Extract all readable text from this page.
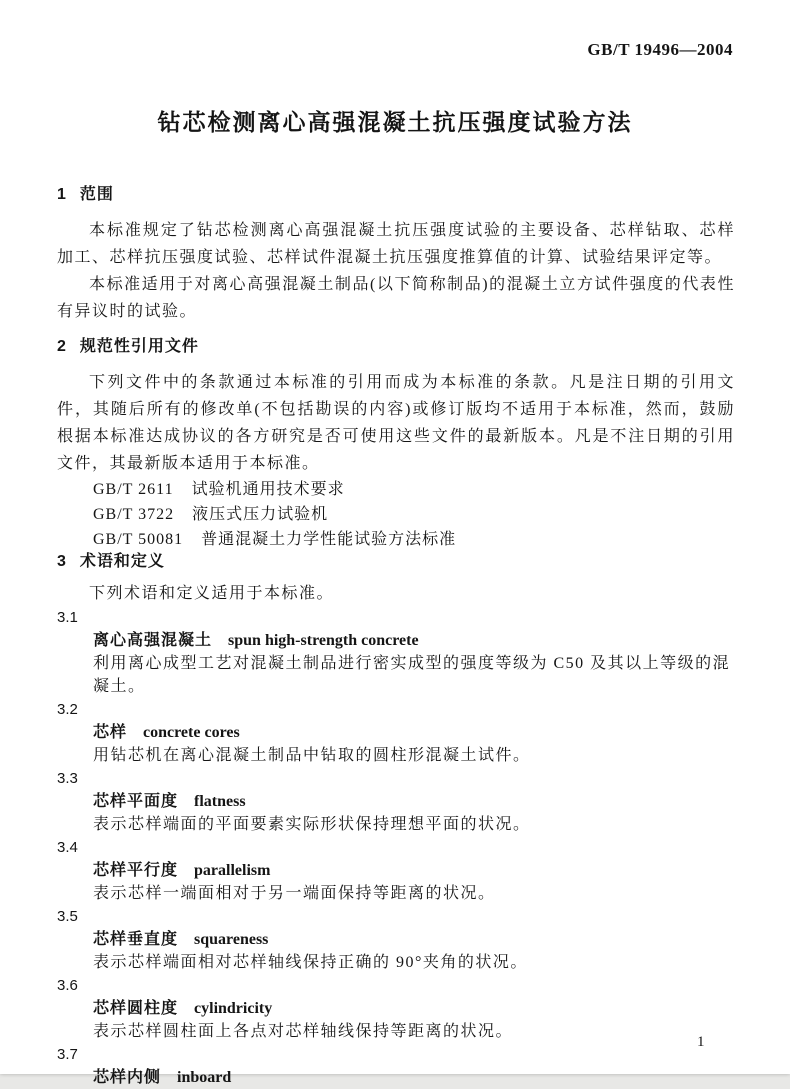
GB/T 19496—2004
钻芯检测离心高强混凝土抗压强度试验方法
1 范围

本标准规定了钻芯检测离心高强混凝土抗压强度试验的主要设备、芯样钻取、芯样加工、芯样抗压强度试验、芯样试件混凝土抗压强度推算值的计算、试验结果评定等。

本标准适用于对离心高强混凝土制品(以下简称制品)的混凝土立方试件强度的代表性有异议时的试验。

2 规范性引用文件

下列文件中的条款通过本标准的引用而成为本标准的条款。凡是注日期的引用文件，其随后所有的修改单(不包括勘误的内容)或修订版均不适用于本标准，然而，鼓励根据本标准达成协议的各方研究是否可使用这些文件的最新版本。凡是不注日期的引用文件，其最新版本适用于本标准。

GB/T 2611 试验机通用技术要求
GB/T 3722 液压式压力试验机
GB/T 50081 普通混凝土力学性能试验方法标准
3 术语和定义

下列术语和定义适用于本标准。

3.1
离心高强混凝土 spun high-strength concrete
利用离心成型工艺对混凝土制品进行密实成型的强度等级为 C50 及其以上等级的混凝土。
3.2
芯样 concrete cores
用钻芯机在离心混凝土制品中钻取的圆柱形混凝土试件。
3.3
芯样平面度 flatness
表示芯样端面的平面要素实际形状保持理想平面的状况。
3.4
芯样平行度 parallelism
表示芯样一端面相对于另一端面保持等距离的状况。
3.5
芯样垂直度 squareness
表示芯样端面相对芯样轴线保持正确的 90°夹角的状况。
3.6
芯样圆柱度 cylindricity
表示芯样圆柱面上各点对芯样轴线保持等距离的状况。
3.7
芯样内侧 inboard
1
